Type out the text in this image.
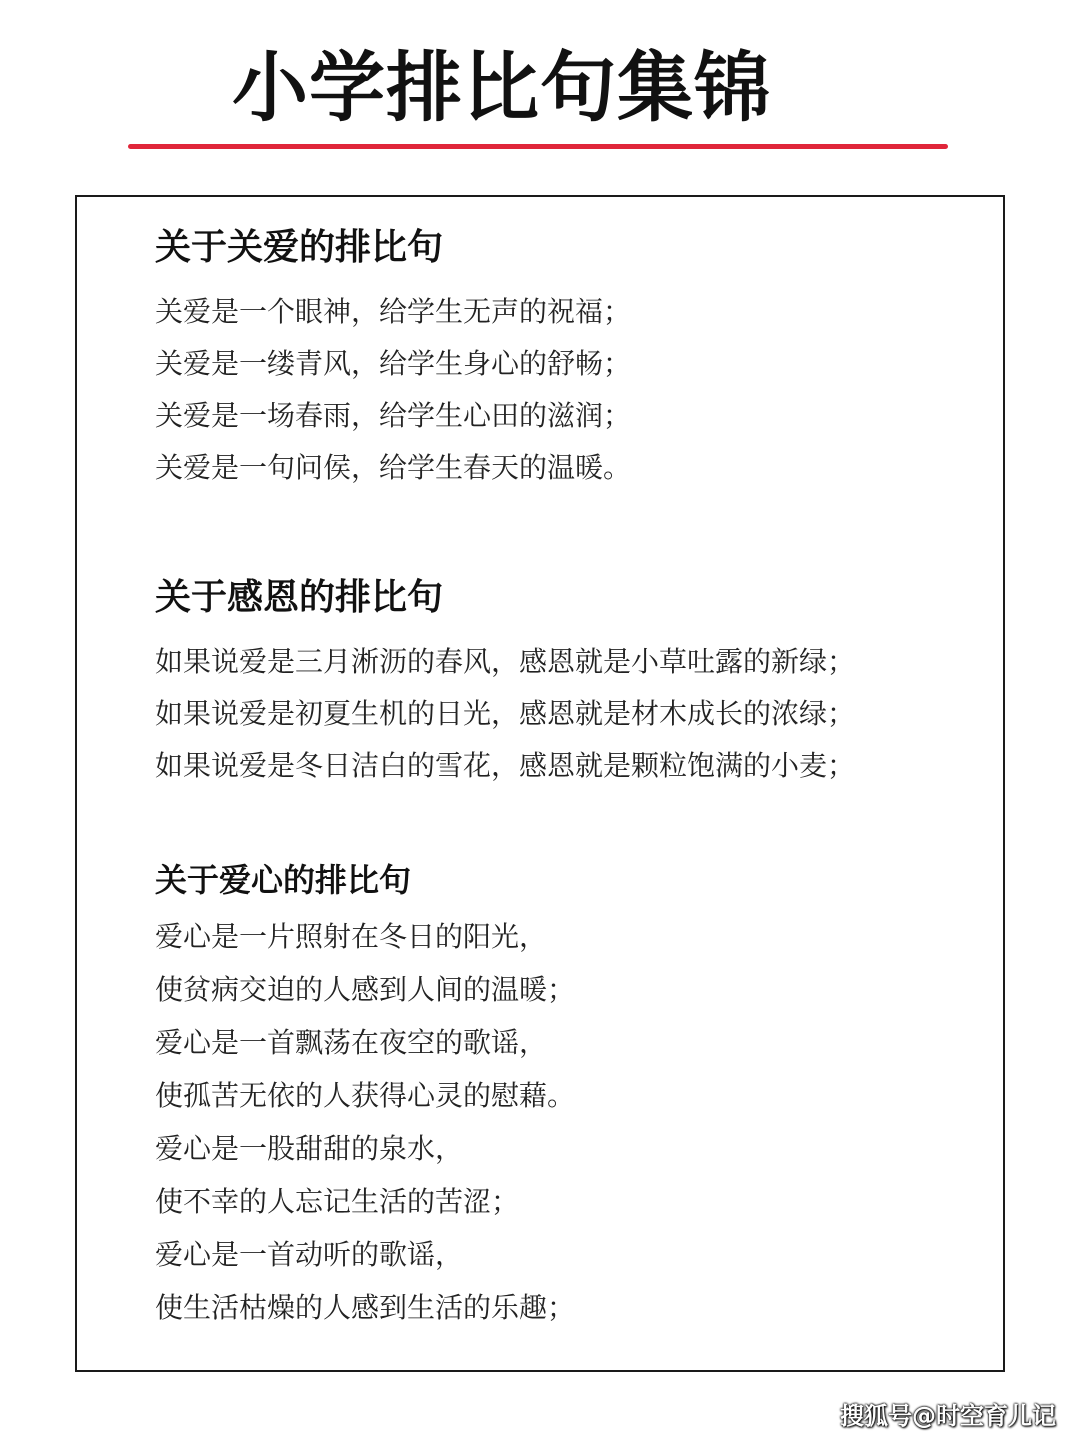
小学排比句集锦
关于关爱的排比句
关爱是一个眼神，给学生无声的祝福；
关爱是一缕青风，给学生身心的舒畅；
关爱是一场春雨，给学生心田的滋润；
关爱是一句问侯，给学生春天的温暖。
关于感恩的排比句
如果说爱是三月淅沥的春风，感恩就是小草吐露的新绿；
如果说爱是初夏生机的日光，感恩就是材木成长的浓绿；
如果说爱是冬日洁白的雪花，感恩就是颗粒饱满的小麦；
关于爱心的排比句
爱心是一片照射在冬日的阳光，
使贫病交迫的人感到人间的温暖；
爱心是一首飘荡在夜空的歌谣，
使孤苦无依的人获得心灵的慰藉。
爱心是一股甜甜的泉水，
使不幸的人忘记生活的苦涩；
爱心是一首动听的歌谣，
使生活枯燥的人感到生活的乐趣；
搜狐号@时空育儿记
